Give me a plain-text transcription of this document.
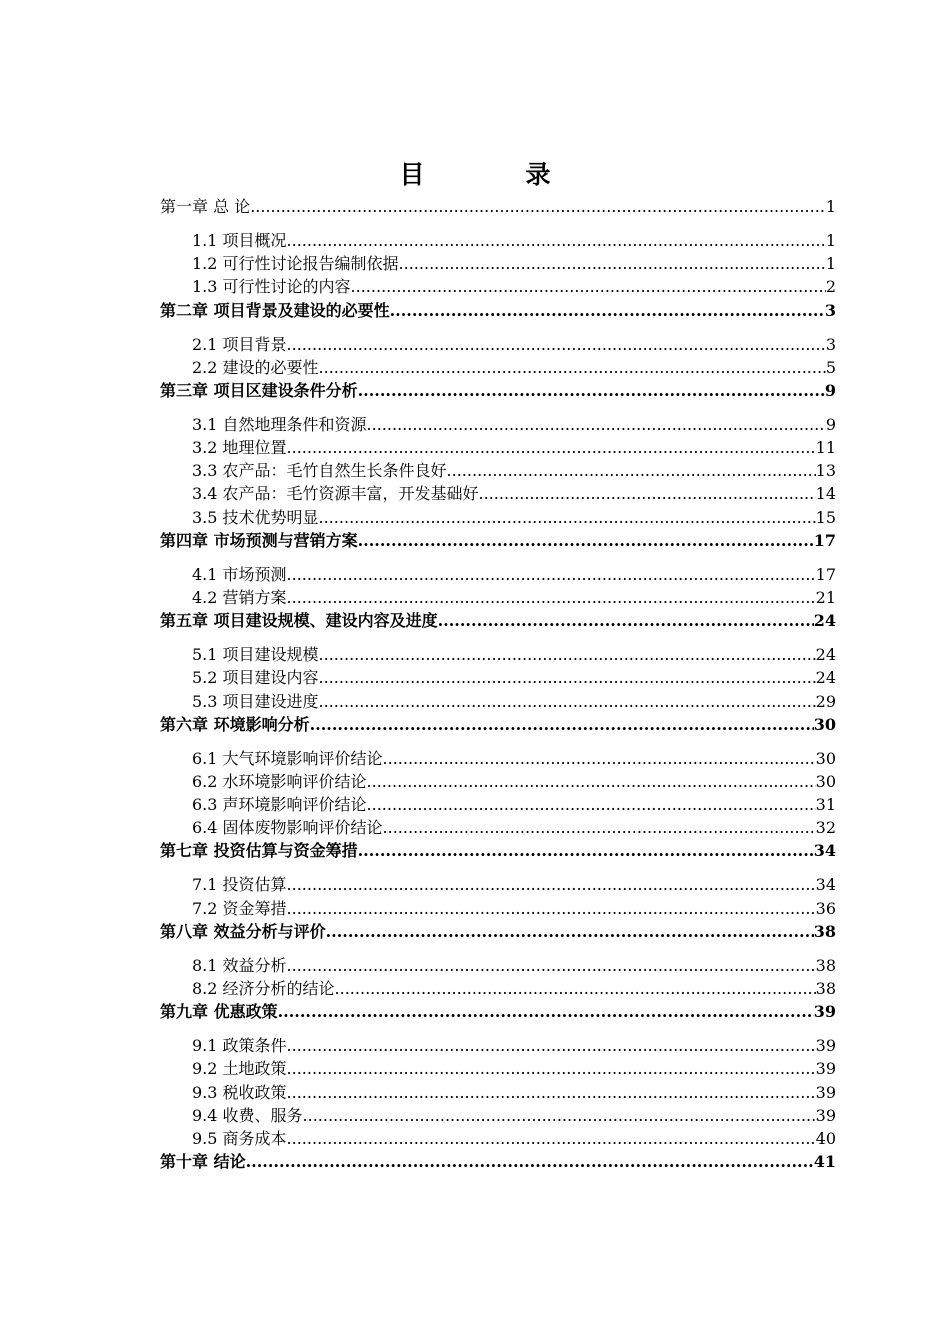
目　录
第一章 总 论 .....	1
1.1 项目概况 .....	1
1.2 可行性讨论报告编制依据 .....	1
1.3 可行性讨论的内容 .....	2
第二章 项目背景及建设的必要性 .....	3
2.1 项目背景 .....	3
2.2 建设的必要性 .....	5
第三章 项目区建设条件分析 .....	9
3.1 自然地理条件和资源 .....	9
3.2 地理位置 .....	11
3.3 农产品：毛竹自然生长条件良好 .....	13
3.4 农产品：毛竹资源丰富，开发基础好 .....	14
3.5 技术优势明显 .....	15
第四章 市场预测与营销方案 .....	17
4.1 市场预测 .....	17
4.2 营销方案 .....	21
第五章 项目建设规模、建设内容及进度 .....	24
5.1 项目建设规模 .....	24
5.2 项目建设内容 .....	24
5.3 项目建设进度 .....	29
第六章 环境影响分析 .....	30
6.1 大气环境影响评价结论 .....	30
6.2 水环境影响评价结论 .....	30
6.3 声环境影响评价结论 .....	31
6.4 固体废物影响评价结论 .....	32
第七章 投资估算与资金筹措 .....	34
7.1 投资估算 .....	34
7.2 资金筹措 .....	36
第八章 效益分析与评价 .....	38
8.1 效益分析 .....	38
8.2 经济分析的结论 .....	38
第九章 优惠政策 .....	39
9.1 政策条件 .....	39
9.2 土地政策 .....	39
9.3 税收政策 .....	39
9.4 收费、服务 .....	39
9.5 商务成本 .....	40
第十章 结论 .....	41
